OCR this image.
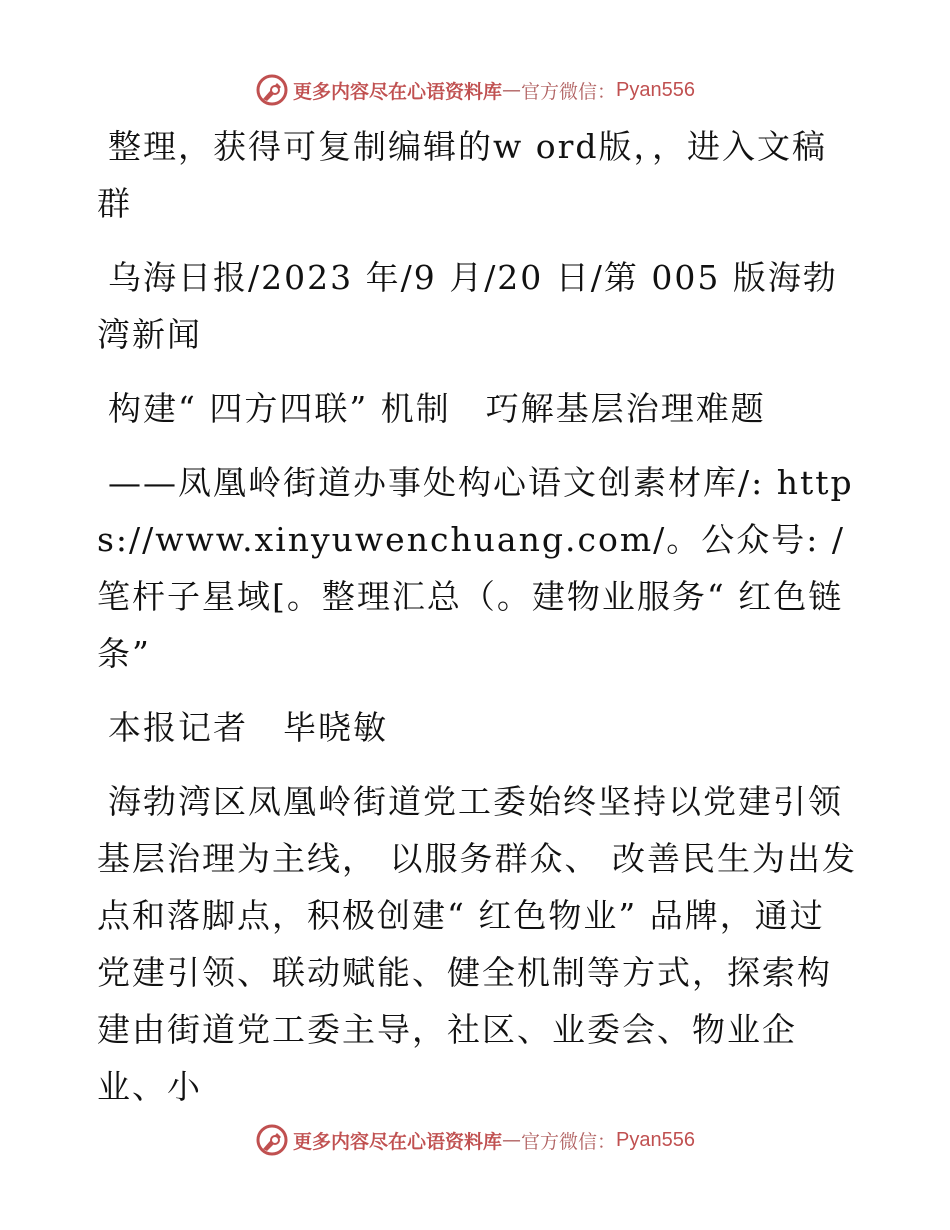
更多内容尽在心语资料库 — 官方微信： Pyan556

整理，获得可复制编辑的w ord版，，进入文稿群

乌海日报/2023 年/9 月/20 日/第 005 版海勃湾新闻

构建“ 四方四联” 机制　巧解基层治理难题

——凤凰岭街道办事处构心语文创素材库/: https://www.xinyuwenchuang.com/。公众号: /笔杆子星域[。整理汇总（。建物业服务“ 红色链条”

本报记者　毕晓敏

海勃湾区凤凰岭街道党工委始终坚持以党建引领基层治理为主线， 以服务群众、 改善民生为出发点和落脚点，积极创建“ 红色物业” 品牌，通过党建引领、联动赋能、健全机制等方式，探索构建由街道党工委主导，社区、业委会、物业企业、小

更多内容尽在心语资料库 — 官方微信： Pyan556
